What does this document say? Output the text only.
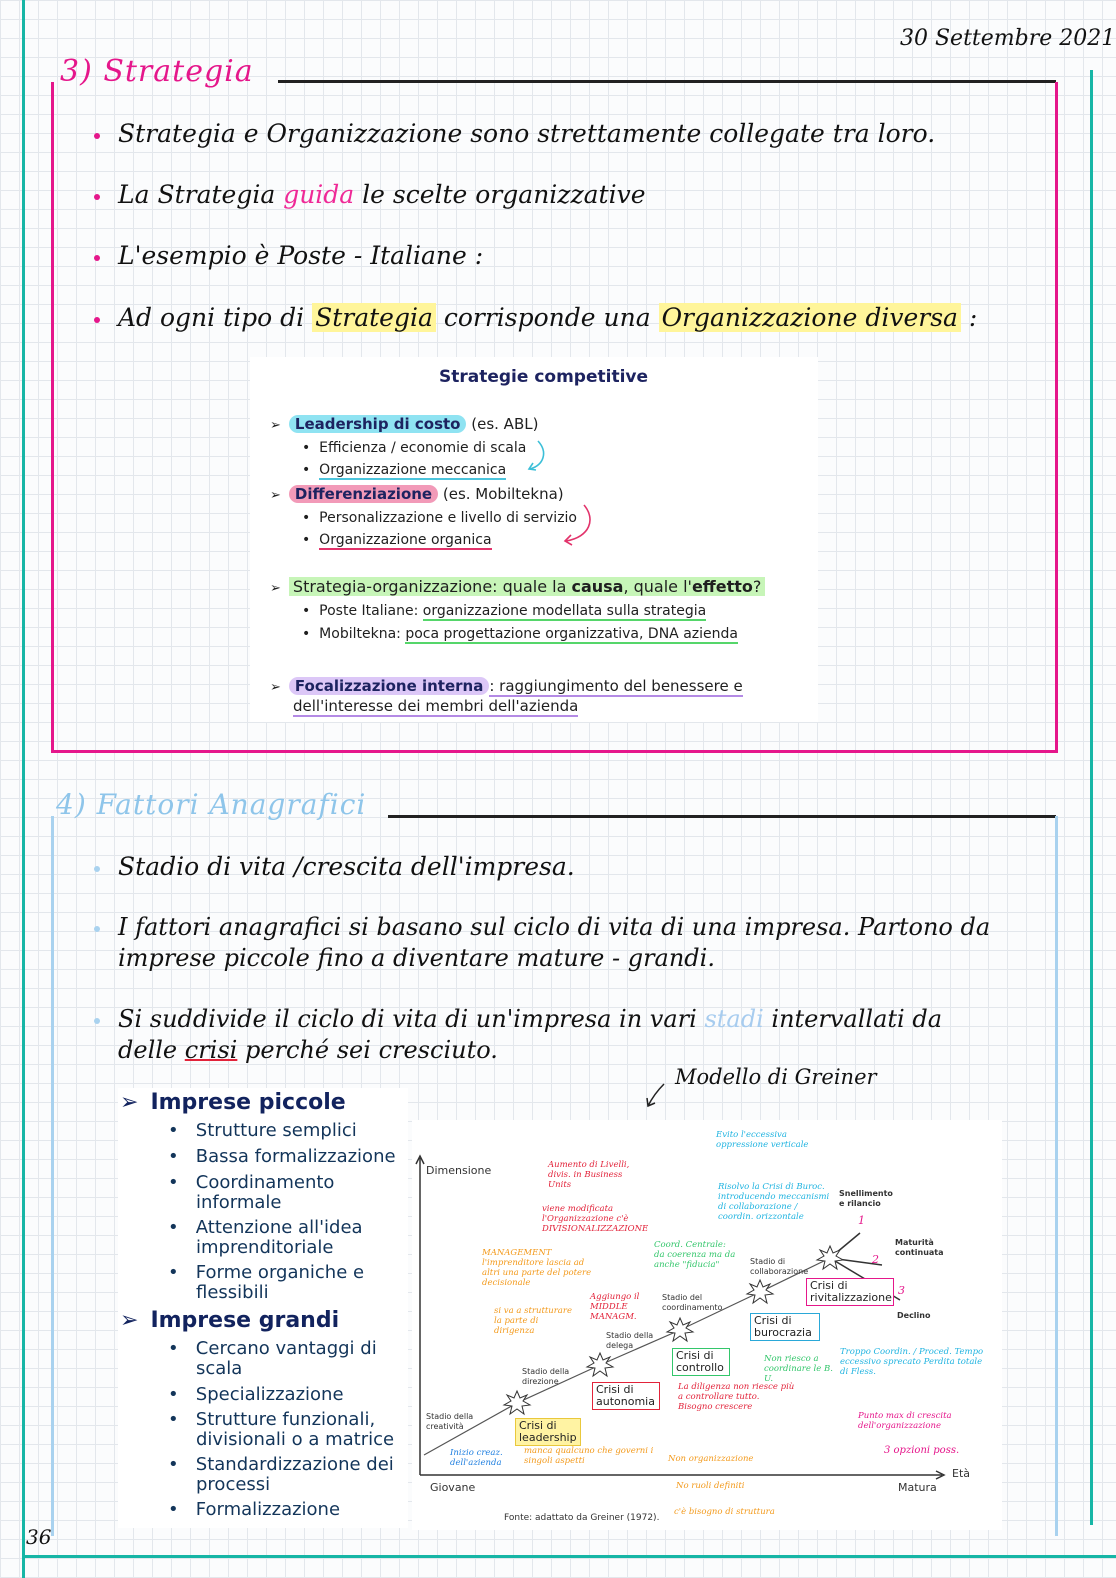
30 Settembre 2021
3) Strategia
Strategia e Organizzazione sono strettamente collegate tra loro.
La Strategia guida le scelte organizzative
L'esempio è Poste - Italiane :
Ad ogni tipo di Strategia corrisponde una Organizzazione diversa :
Strategie competitive
➢ Leadership di costo (es. ABL)
•  Efficienza / economie di scala
•  Organizzazione meccanica
➢ Differenziazione (es. Mobiltekna)
•  Personalizzazione e livello di servizio
•  Organizzazione organica
➢ Strategia-organizzazione: quale la causa, quale l'effetto?
•  Poste Italiane: organizzazione modellata sulla strategia
•  Mobiltekna: poca progettazione organizzativa, DNA azienda
➢ Focalizzazione interna : raggiungimento del benessere e
dell'interesse dei membri dell'azienda
4) Fattori Anagrafici
Stadio di vita /crescita dell'impresa.
I fattori anagrafici si basano sul ciclo di vita di una impresa. Partono da
imprese piccole fino a diventare mature - grandi.
Si suddivide il ciclo di vita di un'impresa in vari stadi intervallati da
delle crisi perché sei cresciuto.
Modello di Greiner
➢ Imprese piccole
•   Strutture semplici
•   Bassa formalizzazione
•   Coordinamento
informale
•   Attenzione all'idea
imprenditoriale
•   Forme organiche e
flessibili
➢ Imprese grandi
•   Cercano vantaggi di
scala
•   Specializzazione
•   Strutture funzionali,
divisionali o a matrice
•   Standardizzazione dei
processi
•   Formalizzazione
Dimensione
Età
Giovane	Matura
Fonte: adattato da Greiner (1972).
Stadio della creatività
Stadio della direzione
Stadio della delega
Stadio del coordinamento
Stadio di collaborazione
Crisi di leadership
Crisi di autonomia
Crisi di controllo
Crisi di burocrazia
Crisi di rivitalizzazione
Snellimento e rilancio
Maturità continuata
Declino
1
2
3
Inizio creaz. dell'azienda
manca qualcuno che governi i singoli aspetti	Non organizzazione
No ruoli definiti
c'è bisogno di struttura
si va a strutturare la parte di dirigenza
MANAGEMENT l'imprenditore lascia ad altri una parte del potere decisionale
Aggiungo il MIDDLE MANAGM.
La diligenza non riesce più a controllare tutto. Bisogno crescere
Non riesco a coordinare le B. U.
Coord. Centrale: da coerenza ma da anche "fiducia"
viene modificata l'Organizzazione c'è DIVISIONALIZZAZIONE
Aumento di Livelli, divis. in Business Units	Risolvo la Crisi di Buroc. introducendo meccanismi di collaborazione / coordin. orizzontale
Evito l'eccessiva oppressione verticale
Troppo Coordin. / Proced. Tempo eccessivo sprecato Perdita totale di Fless.
Punto max di crescita dell'organizzazione
3 opzioni poss.
36
